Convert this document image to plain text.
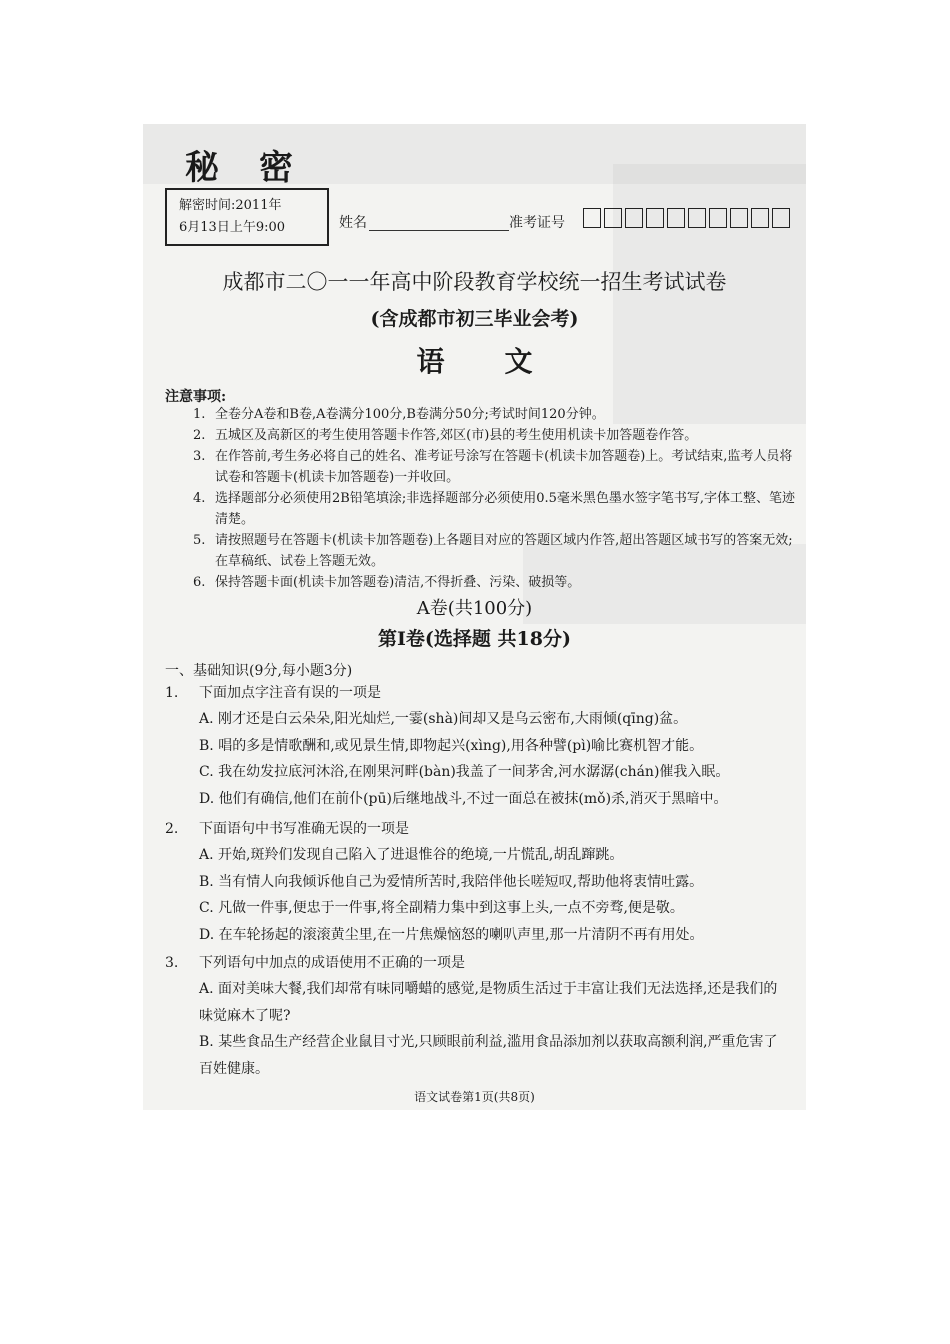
秘密
解密时间:2011年
6月13日上午9:00	姓名	准考证号
成都市二〇一一年高中阶段教育学校统一招生考试试卷
(含成都市初三毕业会考)
语文
注意事项:
1. 全卷分A卷和B卷,A卷满分100分,B卷满分50分;考试时间120分钟。
2. 五城区及高新区的考生使用答题卡作答,郊区(市)县的考生使用机读卡加答题卷作答。
3. 在作答前,考生务必将自己的姓名、准考证号涂写在答题卡(机读卡加答题卷)上。考试结束,监考人员将试卷和答题卡(机读卡加答题卷)一并收回。
4. 选择题部分必须使用2B铅笔填涂;非选择题部分必须使用0.5毫米黑色墨水签字笔书写,字体工整、笔迹清楚。
5. 请按照题号在答题卡(机读卡加答题卷)上各题目对应的答题区域内作答,超出答题区域书写的答案无效;在草稿纸、试卷上答题无效。
6. 保持答题卡面(机读卡加答题卷)清洁,不得折叠、污染、破损等。
A卷(共100分)
第Ⅰ卷(选择题 共18分)
一、基础知识(9分,每小题3分)
1.	下面加点字注音有误的一项是
A. 刚才还是白云朵朵,阳光灿烂,一霎(shà)间却又是乌云密布,大雨倾(qīng)盆。
B. 唱的多是情歌酬和,或见景生情,即物起兴(xìng),用各种譬(pì)喻比赛机智才能。
C. 我在幼发拉底河沐浴,在刚果河畔(bàn)我盖了一间茅舍,河水潺潺(chán)催我入眠。
D. 他们有确信,他们在前仆(pū)后继地战斗,不过一面总在被抹(mǒ)杀,消灭于黑暗中。
2.	下面语句中书写准确无误的一项是
A. 开始,斑羚们发现自己陷入了进退惟谷的绝境,一片慌乱,胡乱蹿跳。
B. 当有情人向我倾诉他自己为爱情所苦时,我陪伴他长嗟短叹,帮助他将衷情吐露。
C. 凡做一件事,便忠于一件事,将全副精力集中到这事上头,一点不旁骛,便是敬。
D. 在车轮扬起的滚滚黄尘里,在一片焦燥恼怒的喇叭声里,那一片清阴不再有用处。
3.	下列语句中加点的成语使用不正确的一项是
A. 面对美味大餐,我们却常有味同嚼蜡的感觉,是物质生活过于丰富让我们无法选择,还是我们的味觉麻木了呢?
B. 某些食品生产经营企业鼠目寸光,只顾眼前利益,滥用食品添加剂以获取高额利润,严重危害了百姓健康。
语文试卷第1页(共8页)
